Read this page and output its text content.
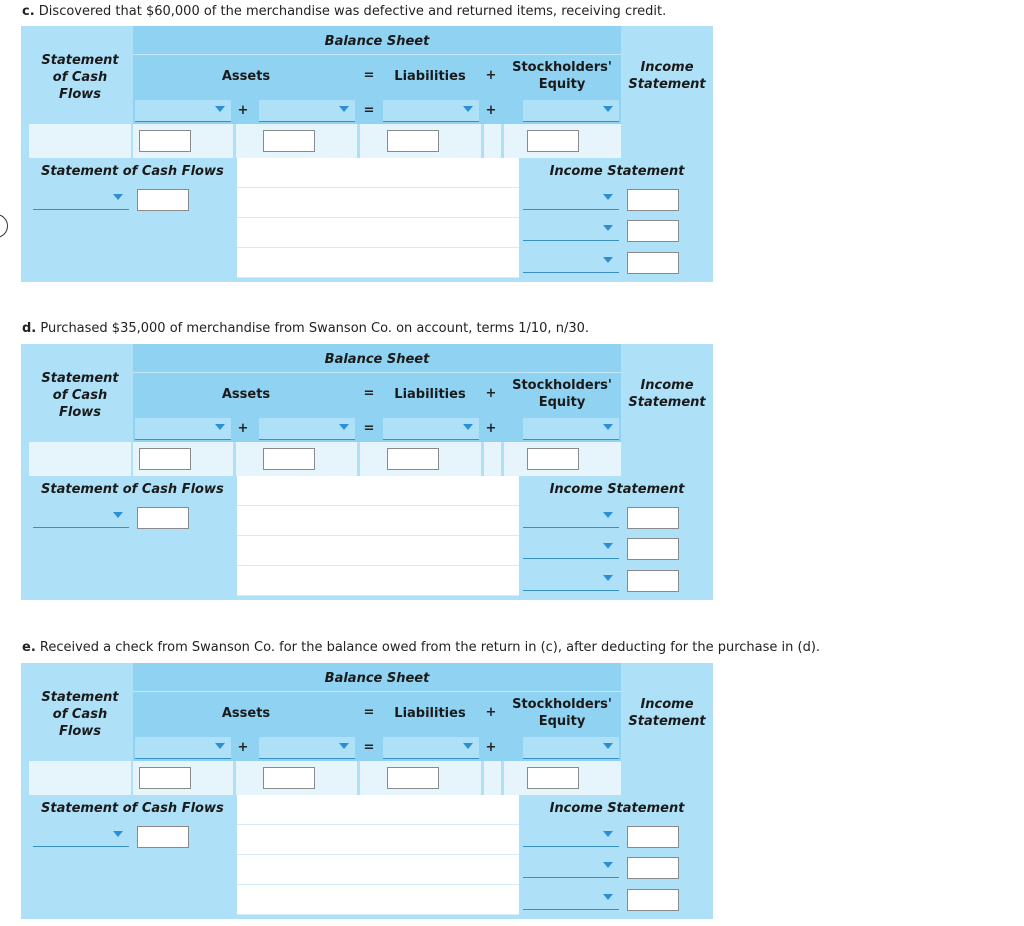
c. Discovered that $60,000 of the merchandise was defective and returned items, receiving credit.
Balance Sheet
Statement
of Cash
Flows
Assets	=	Liabilities	+
Stockholders'
Equity
Income
Statement
+	=	+
Statement of Cash Flows	Income Statement
d. Purchased $35,000 of merchandise from Swanson Co. on account, terms 1/10, n/30.
Balance Sheet
Statement
of Cash
Flows
Assets	=	Liabilities	+
Stockholders'
Equity
Income
Statement
+	=	+
Statement of Cash Flows	Income Statement
e. Received a check from Swanson Co. for the balance owed from the return in (c), after deducting for the purchase in (d).
Balance Sheet
Statement
of Cash
Flows
Assets	=	Liabilities	+
Stockholders'
Equity
Income
Statement
+	=	+
Statement of Cash Flows	Income Statement
